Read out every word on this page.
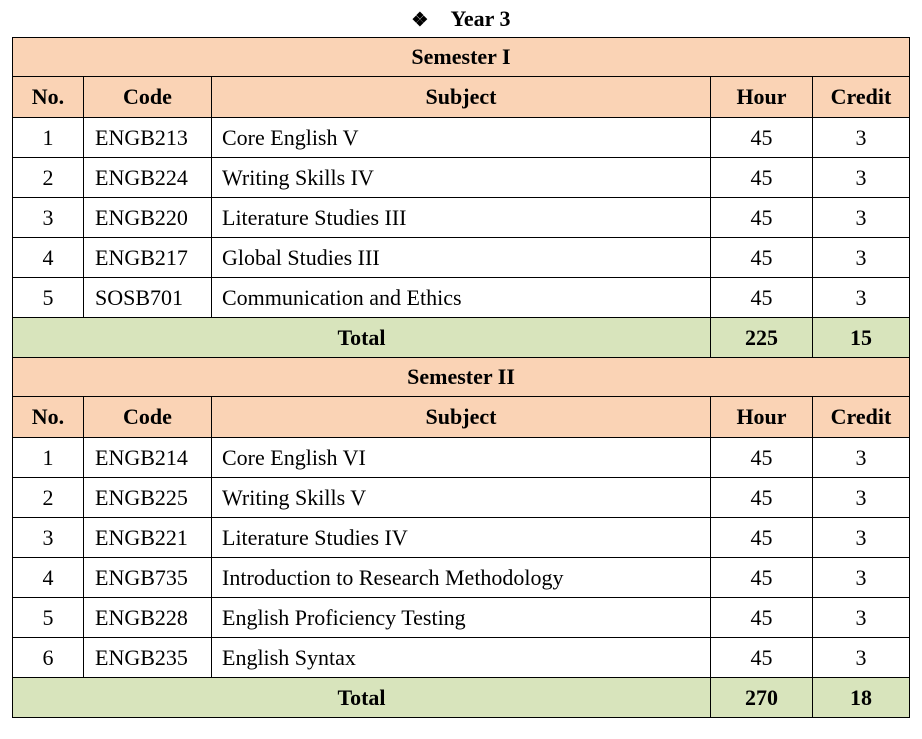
❖ Year 3
Semester I				
No.	Code	Subject	Hour	Credit
1	ENGB213	Core English V	45	3
2	ENGB224	Writing Skills IV	45	3
3	ENGB220	Literature Studies III	45	3
4	ENGB217	Global Studies III	45	3
5	SOSB701	Communication and Ethics	45	3
Total			225	15
Semester II				
No.	Code	Subject	Hour	Credit
1	ENGB214	Core English VI	45	3
2	ENGB225	Writing Skills V	45	3
3	ENGB221	Literature Studies IV	45	3
4	ENGB735	Introduction to Research Methodology	45	3
5	ENGB228	English Proficiency Testing	45	3
6	ENGB235	English Syntax	45	3
Total			270	18
